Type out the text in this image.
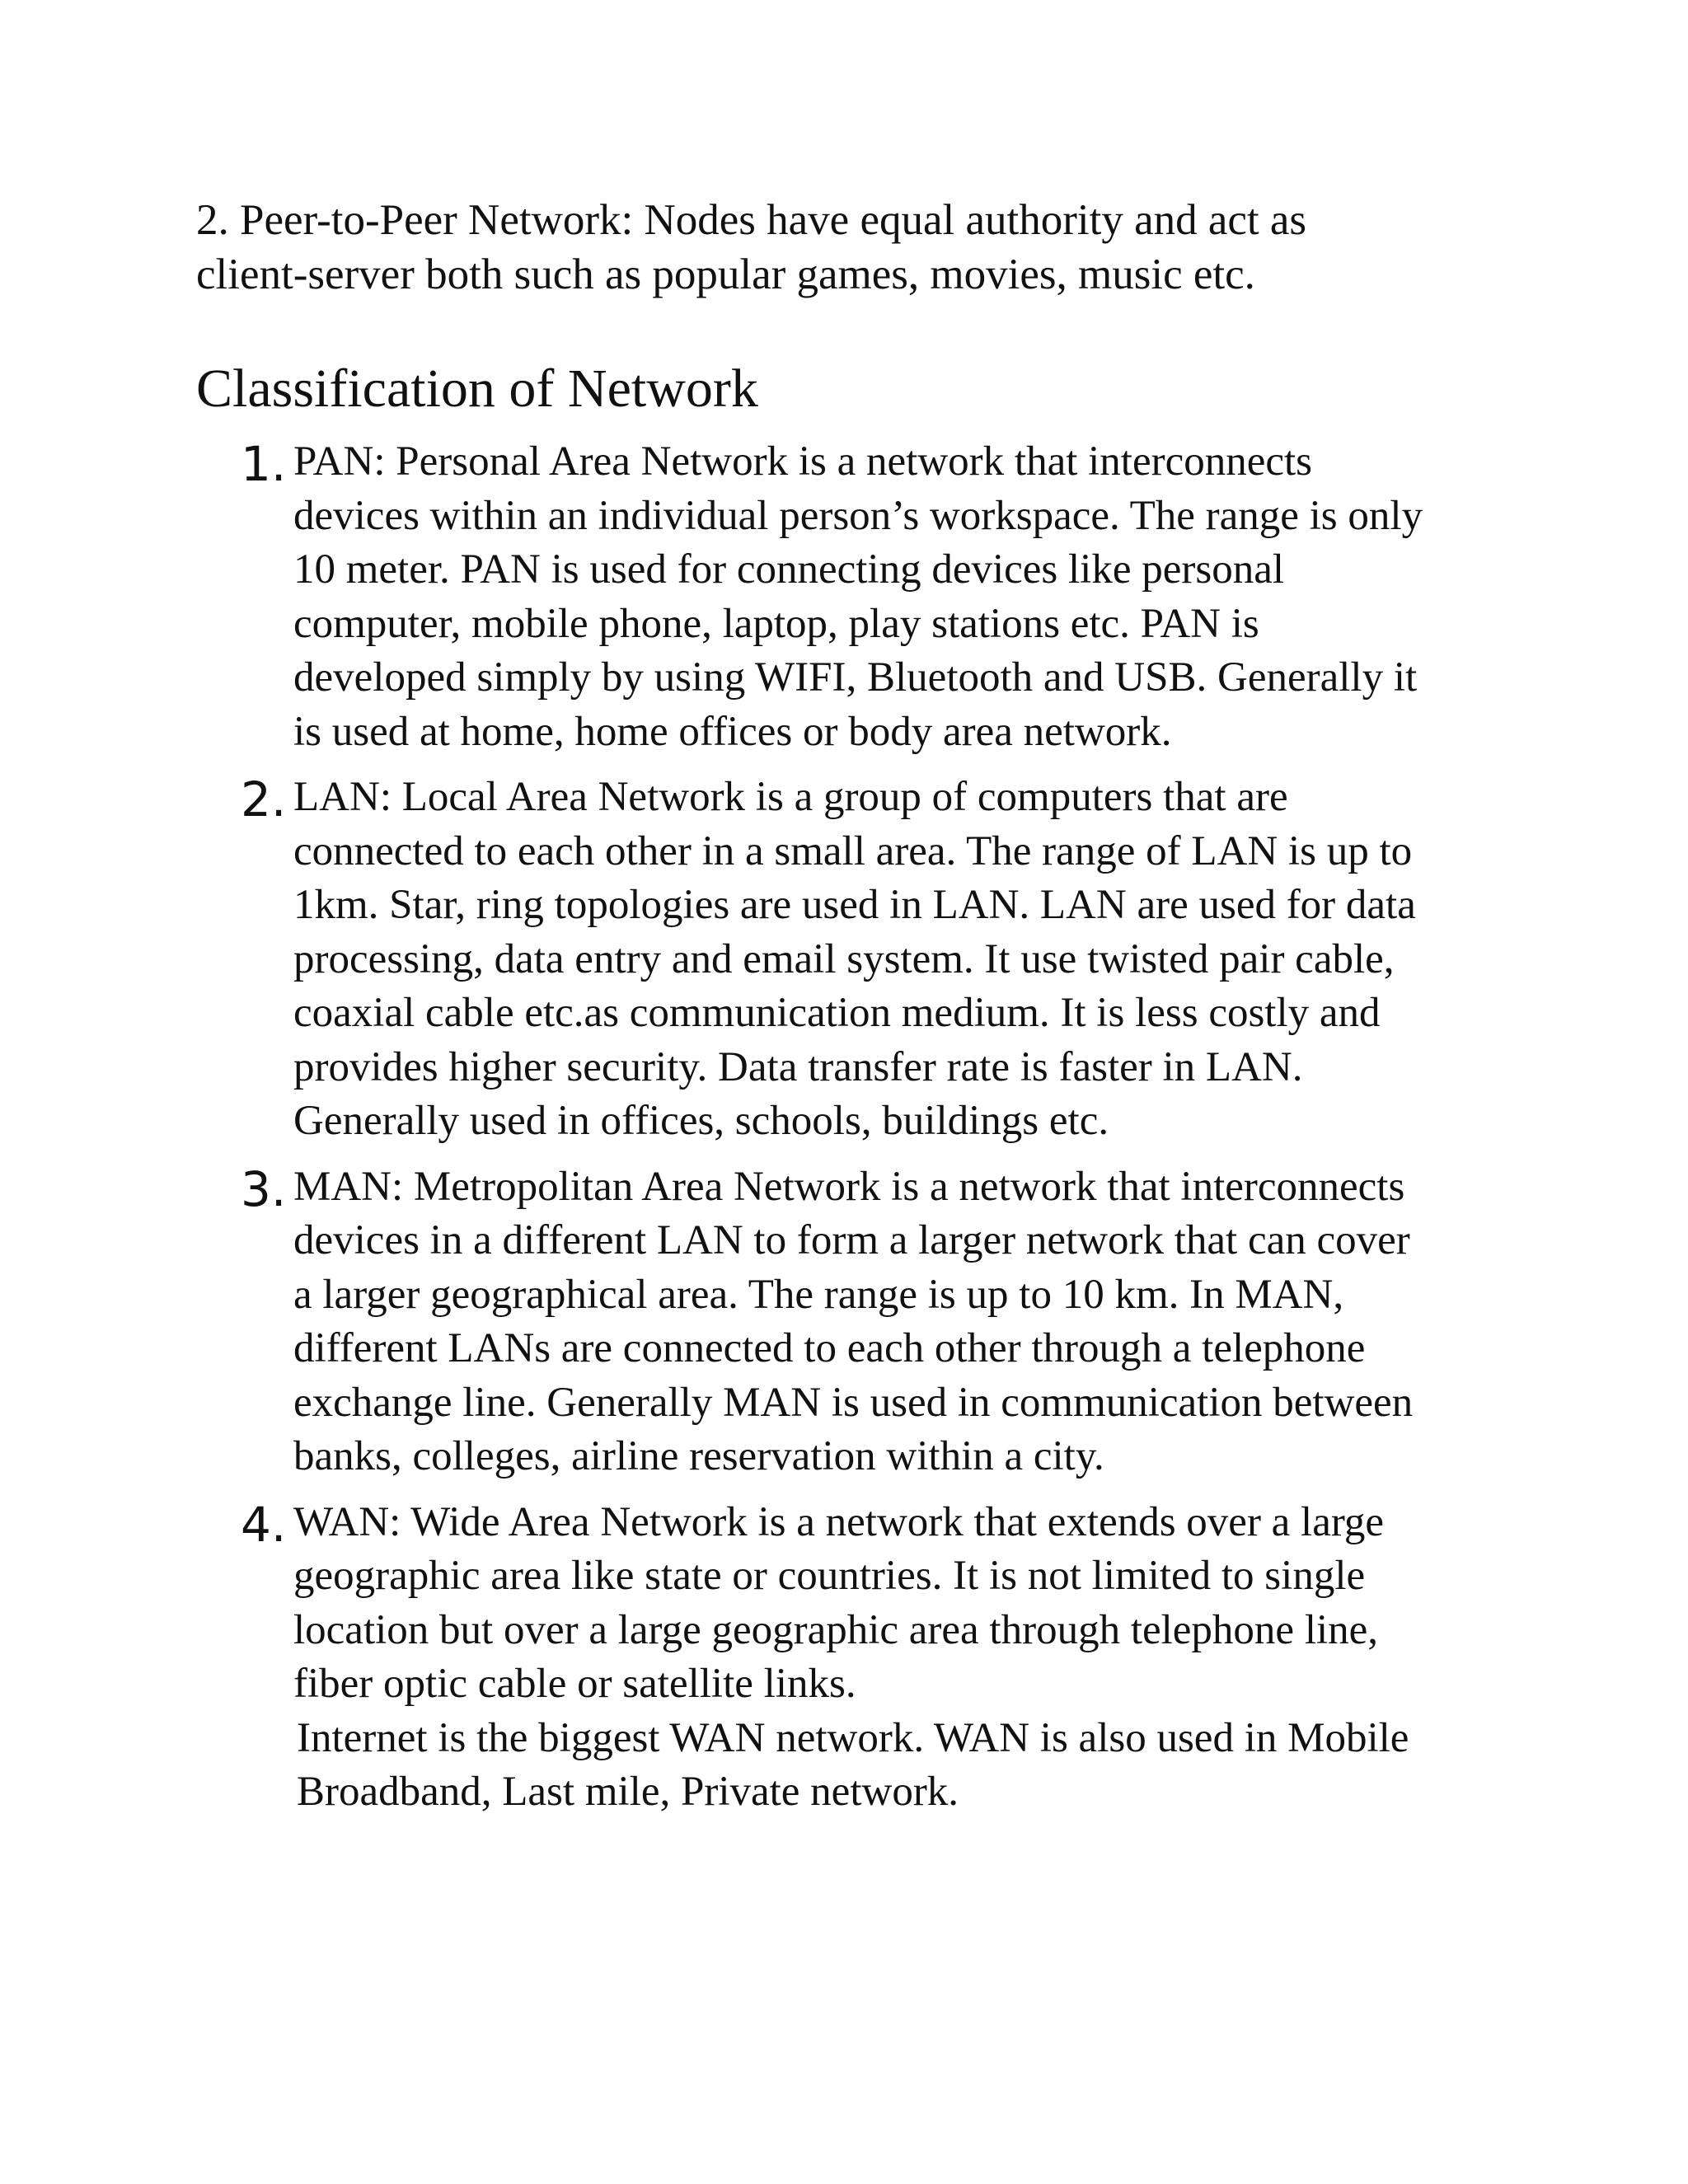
2. Peer-to-Peer Network: Nodes have equal authority and act as

client-server both such as popular games, movies, music etc.

Classification of Network
1. PAN: Personal Area Network is a network that interconnects
devices within an individual person’s workspace. The range is only
10 meter. PAN is used for connecting devices like personal
computer, mobile phone, laptop, play stations etc. PAN is
developed simply by using WIFI, Bluetooth and USB. Generally it
is used at home, home offices or body area network.
2. LAN: Local Area Network is a group of computers that are
connected to each other in a small area. The range of LAN is up to
1km. Star, ring topologies are used in LAN. LAN are used for data
processing, data entry and email system. It use twisted pair cable,
coaxial cable etc.as communication medium. It is less costly and
provides higher security. Data transfer rate is faster in LAN.
Generally used in offices, schools, buildings etc.
3. MAN: Metropolitan Area Network is a network that interconnects
devices in a different LAN to form a larger network that can cover
a larger geographical area. The range is up to 10 km. In MAN,
different LANs are connected to each other through a telephone
exchange line. Generally MAN is used in communication between
banks, colleges, airline reservation within a city.
4. WAN: Wide Area Network is a network that extends over a large
geographic area like state or countries. It is not limited to single
location but over a large geographic area through telephone line,
fiber optic cable or satellite links.
Internet is the biggest WAN network. WAN is also used in Mobile
Broadband, Last mile, Private network.
